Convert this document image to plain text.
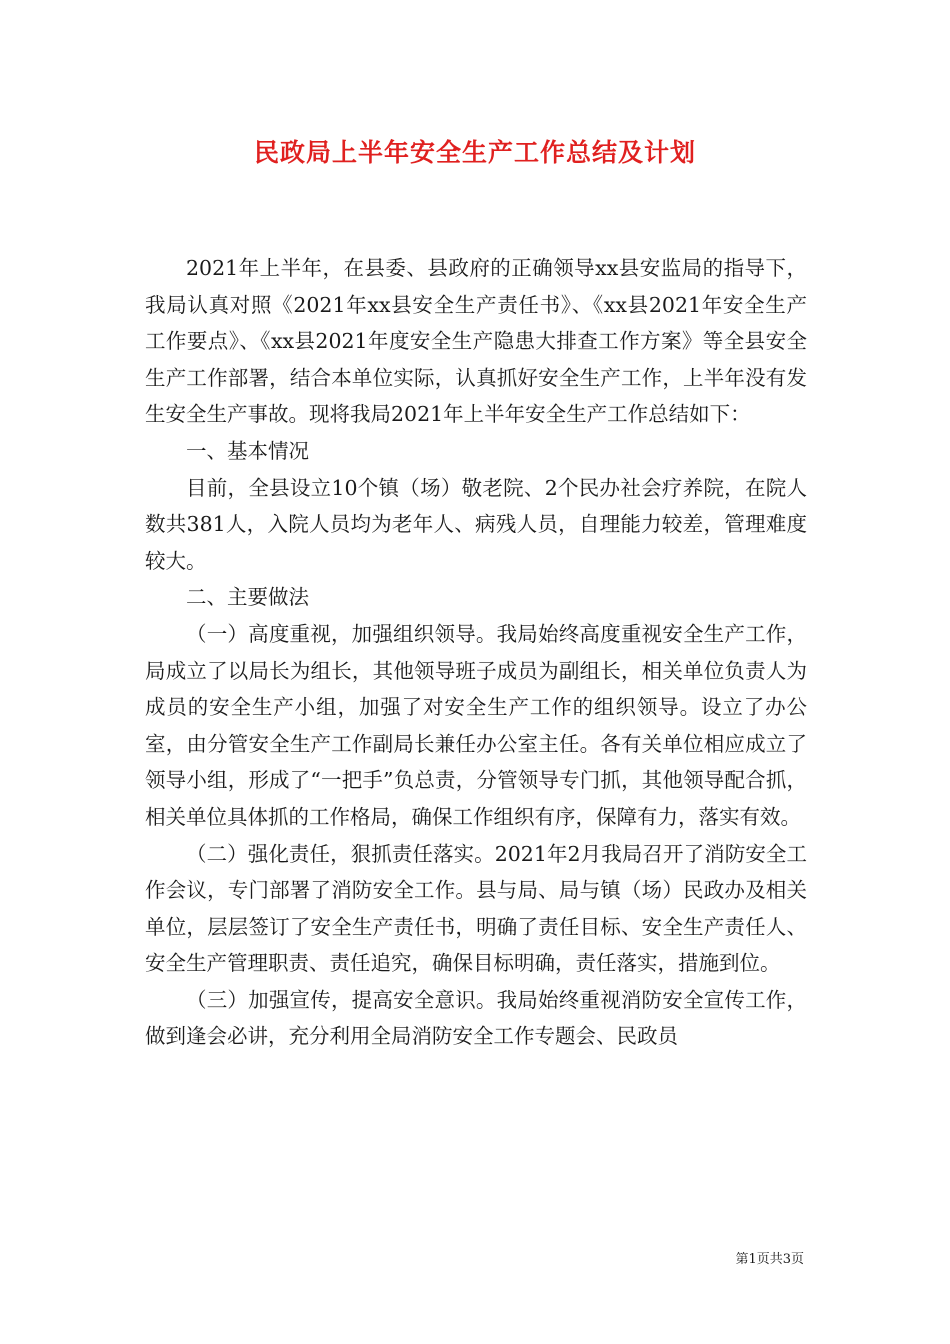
民政局上半年安全生产工作总结及计划

2021年上半年，在县委、县政府的正确领导xx县安监局的指导下，我局认真对照《2021年xx县安全生产责任书》、《xx县2021年安全生产工作要点》、《xx县2021年度安全生产隐患大排查工作方案》等全县安全生产工作部署，结合本单位实际，认真抓好安全生产工作，上半年没有发生安全生产事故。现将我局2021年上半年安全生产工作总结如下：

一、基本情况

目前，全县设立10个镇（场）敬老院、2个民办社会疗养院，在院人数共381人，入院人员均为老年人、病残人员，自理能力较差，管理难度较大。

二、主要做法

（一）高度重视，加强组织领导。我局始终高度重视安全生产工作，局成立了以局长为组长，其他领导班子成员为副组长，相关单位负责人为成员的安全生产小组，加强了对安全生产工作的组织领导。设立了办公室，由分管安全生产工作副局长兼任办公室主任。各有关单位相应成立了领导小组，形成了“一把手”负总责，分管领导专门抓，其他领导配合抓，相关单位具体抓的工作格局，确保工作组织有序，保障有力，落实有效。

（二）强化责任，狠抓责任落实。2021年2月我局召开了消防安全工作会议，专门部署了消防安全工作。县与局、局与镇（场）民政办及相关单位，层层签订了安全生产责任书，明确了责任目标、安全生产责任人、安全生产管理职责、责任追究，确保目标明确，责任落实，措施到位。

（三）加强宣传，提高安全意识。我局始终重视消防安全宣传工作，做到逢会必讲，充分利用全局消防安全工作专题会、民政员

第1页共3页
